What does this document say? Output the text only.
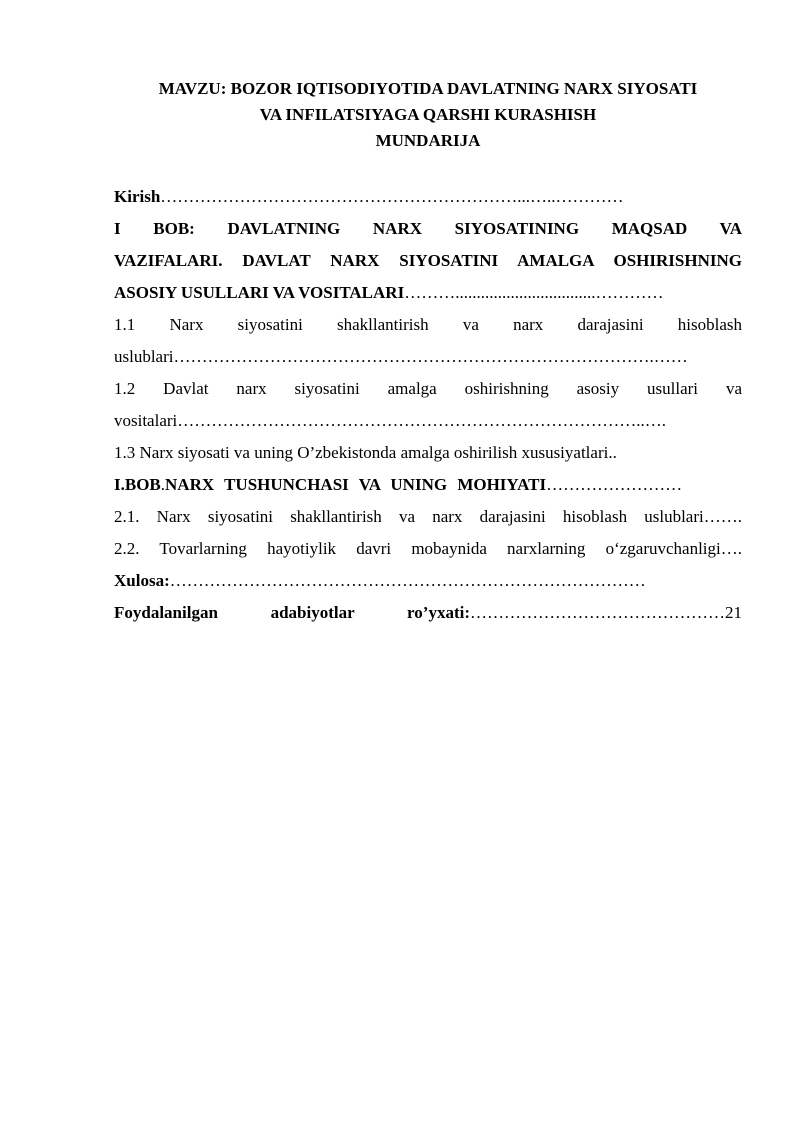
MAVZU: BOZOR IQTISODIYOTIDA DAVLATNING NARX SIYOSATI
VA INFILATSIYAGA QARSHI KURASHISH
MUNDARIJA
Kirish………………………………………………………...…..…………
I BOB: DAVLATNING NARX SIYOSATINING MAQSAD VA
VAZIFALARI. DAVLAT NARX SIYOSATINI AMALGA OSHIRISHNING
ASOSIY USULLARI VA VOSITALARI……….................................…………
1.1 Narx siyosatini shakllantirish va narx darajasini hisoblash
uslublari………………………………………………………………………….……
1.2 Davlat narx siyosatini amalga oshirishning asosiy usullari va
vositalari………………………………………………………………………..….
1.3 Narx siyosati va uning O’zbekistonda amalga oshirilish xususiyatlari..
I.BOB.NARX TUSHUNCHASI VA UNING MOHIYATI……………………
2.1. Narx siyosatini shakllantirish va narx darajasini hisoblash uslublari…….
2.2. Tovarlarning hayotiylik davri mobaynida narxlarning o‘zgaruvchanligi….
Xulosa:…………………………………………………………………………
Foydalanilgan adabiyotlar ro’yxati:………………………………………21
